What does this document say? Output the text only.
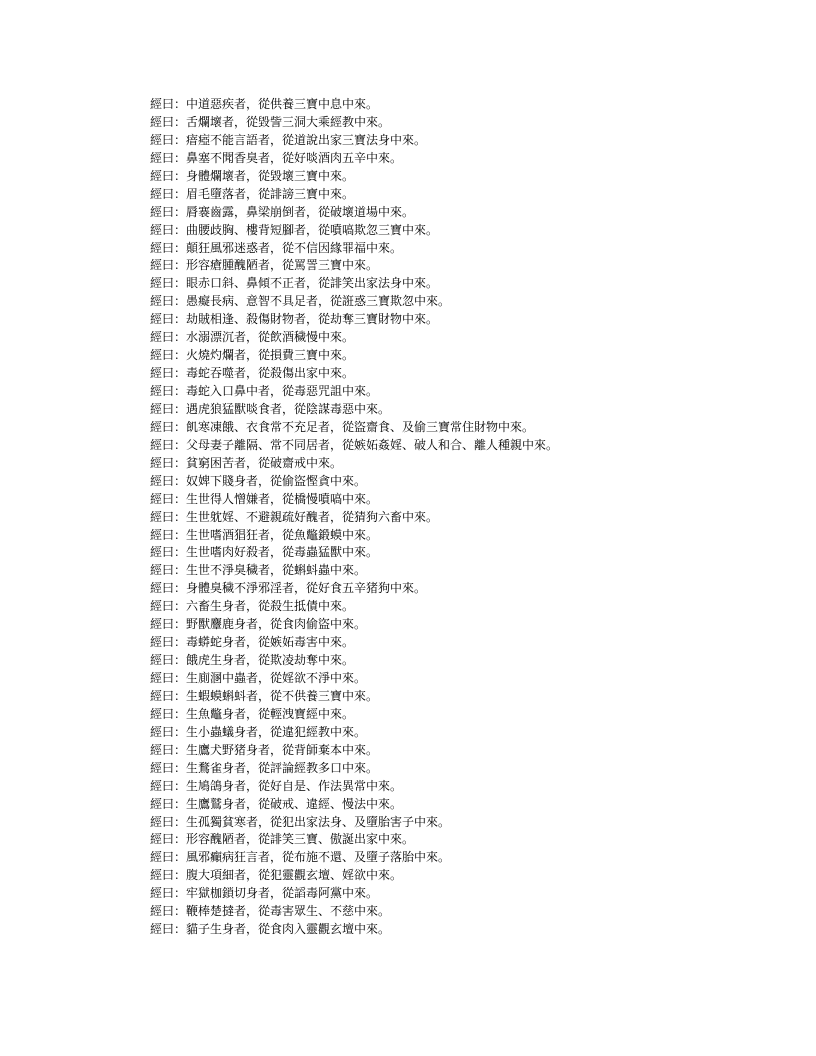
經曰：中道惡疾者，從供養三寶中息中來。
經曰：舌爛壞者，從毀訾三洞大乘經教中來。
經曰：瘖瘂不能言語者，從道說出家三寶法身中來。
經曰：鼻塞不聞香臭者，從好啖酒肉五辛中來。
經曰：身體爛壞者，從毀壞三寶中來。
經曰：眉毛墮落者，從誹謗三寶中來。
經曰：脣褰齒露，鼻梁崩倒者，從破壞道場中來。
經曰：曲腰歧胸、樓背短腳者，從噴嗃欺忽三寶中來。
經曰：顛狂風邪迷惑者，從不信因緣罪福中來。
經曰：形容瘡腫醜陋者，從罵詈三寶中來。
經曰：眼赤口斜、鼻傾不正者，從誹笑出家法身中來。
經曰：愚癡長病、意智不具足者，從誑惑三寶欺忽中來。
經曰：劫賊相逢、殺傷財物者，從劫奪三寶財物中來。
經曰：水溺漂沉者，從飲酒穢慢中來。
經曰：火燒灼爛者，從損費三寶中來。
經曰：毒蛇吞噬者，從殺傷出家中來。
經曰：毒蛇入口鼻中者，從毒惡咒詛中來。
經曰：遇虎狼猛獸啖食者，從陰謀毒惡中來。
經曰：飢寒凍餓、衣食常不充足者，從盜齋食、及偷三寶常住財物中來。
經曰：父母妻子離隔、常不同居者，從嫉妬姦婬、破人和合、離人種親中來。
經曰：貧窮困苦者，從破齋戒中來。
經曰：奴婢下賤身者，從偷盜慳貪中來。
經曰：生世得人憎嫌者，從橋慢噴嗃中來。
經曰：生世躭婬、不避親疏好醜者，從猜狗六畜中來。
經曰：生世嗜酒猖狂者，從魚鼈鍛蟆中來。
經曰：生世嗜肉好殺者，從毒蟲猛獸中來。
經曰：生世不淨臭穢者，從蝌蚪蟲中來。
經曰：身體臭穢不淨邪淫者，從好食五辛猪狗中來。
經曰：六畜生身者，從殺生抵債中來。
經曰：野獸麞鹿身者，從食肉偷盜中來。
經曰：毒蟒蛇身者，從嫉妬毒害中來。
經曰：餓虎生身者，從欺凌劫奪中來。
經曰：生廁溷中蟲者，從婬欲不淨中來。
經曰：生蝦蟆蝌蚪者，從不供養三寶中來。
經曰：生魚鼈身者，從輕洩寶經中來。
經曰：生小蟲蟻身者，從違犯經教中來。
經曰：生鷹犬野猪身者，從背師棄本中來。
經曰：生鶩雀身者，從評論經教多口中來。
經曰：生鳩鴿身者，從好自是、作法異常中來。
經曰：生鷹鷲身者，從破戒、違經、慢法中來。
經曰：生孤獨貧寒者，從犯出家法身、及墮胎害子中來。
經曰：形容醜陋者，從誹笑三寶、傲誕出家中來。
經曰：風邪癲病狂言者，從布施不還、及墮子落胎中來。
經曰：腹大項細者，從犯靈觀玄壇、婬欲中來。
經曰：牢獄枷鎖切身者，從謟毒阿黨中來。
經曰：鞭棒楚撻者，從毒害眾生、不慈中來。
經曰：貓子生身者，從食肉入靈觀玄壇中來。
